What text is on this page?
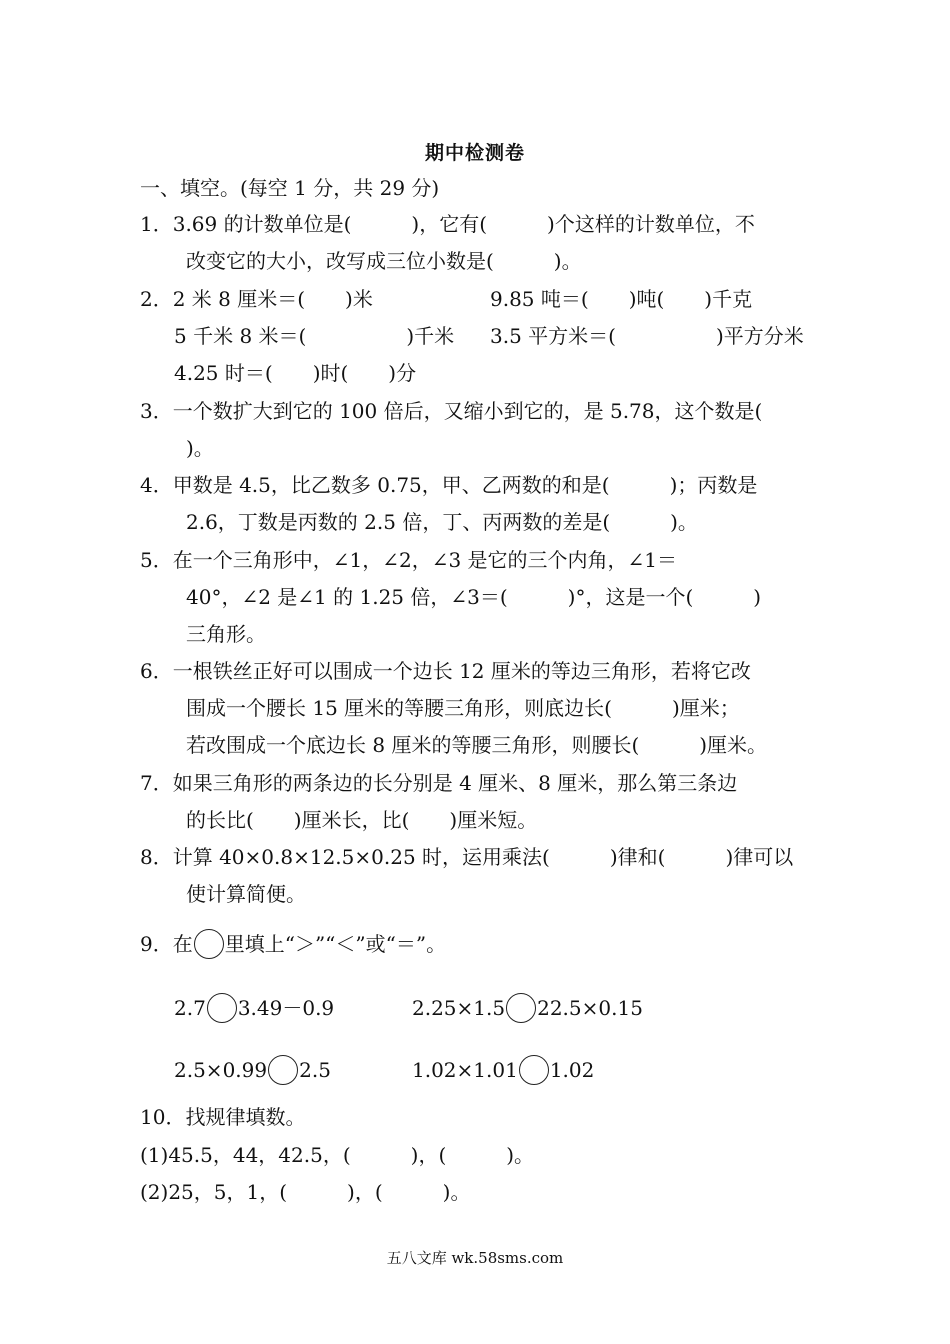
期中检测卷
一、填空。(每空 1 分，共 29 分)
1．3.69 的计数单位是(　　　)，它有(　　　)个这样的计数单位，不
改变它的大小，改写成三位小数是(　　　)。
2．2 米 8 厘米＝(　　)米	9.85 吨＝(　　)吨(　　)千克
5 千米 8 米＝(　　　　　)千米 3.5 平方米＝(　　　　　)平方分米
4.25 时＝(　　)时(　　)分
3．一个数扩大到它的 100 倍后，又缩小到它的，是 5.78，这个数是(
)。
4．甲数是 4.5，比乙数多 0.75，甲、乙两数的和是(　　　)；丙数是
2.6，丁数是丙数的 2.5 倍，丁、丙两数的差是(　　　)。
5．在一个三角形中，∠1，∠2，∠3 是它的三个内角，∠1＝
40°，∠2 是∠1 的 1.25 倍，∠3＝(　　　)°，这是一个(　　　)
三角形。
6．一根铁丝正好可以围成一个边长 12 厘米的等边三角形，若将它改
围成一个腰长 15 厘米的等腰三角形，则底边长(　　　)厘米；
若改围成一个底边长 8 厘米的等腰三角形，则腰长(　　　)厘米。
7．如果三角形的两条边的长分别是 4 厘米、8 厘米，那么第三条边
的长比(　　)厘米长，比(　　)厘米短。
8．计算 40×0.8×12.5×0.25 时，运用乘法(　　　)律和(　　　)律可以
使计算简便。
9．在 里填上“＞”“＜”或“＝”。
2.7 3.49－0.9	2.25×1.5 22.5×0.15
2.5×0.99 2.5	1.02×1.01 1.02
10．找规律填数。
(1)45.5，44，42.5，(　　　)，(　　　)。
(2)25，5，1，(　　　)，(　　　)。
五八文库 wk.58sms.com
